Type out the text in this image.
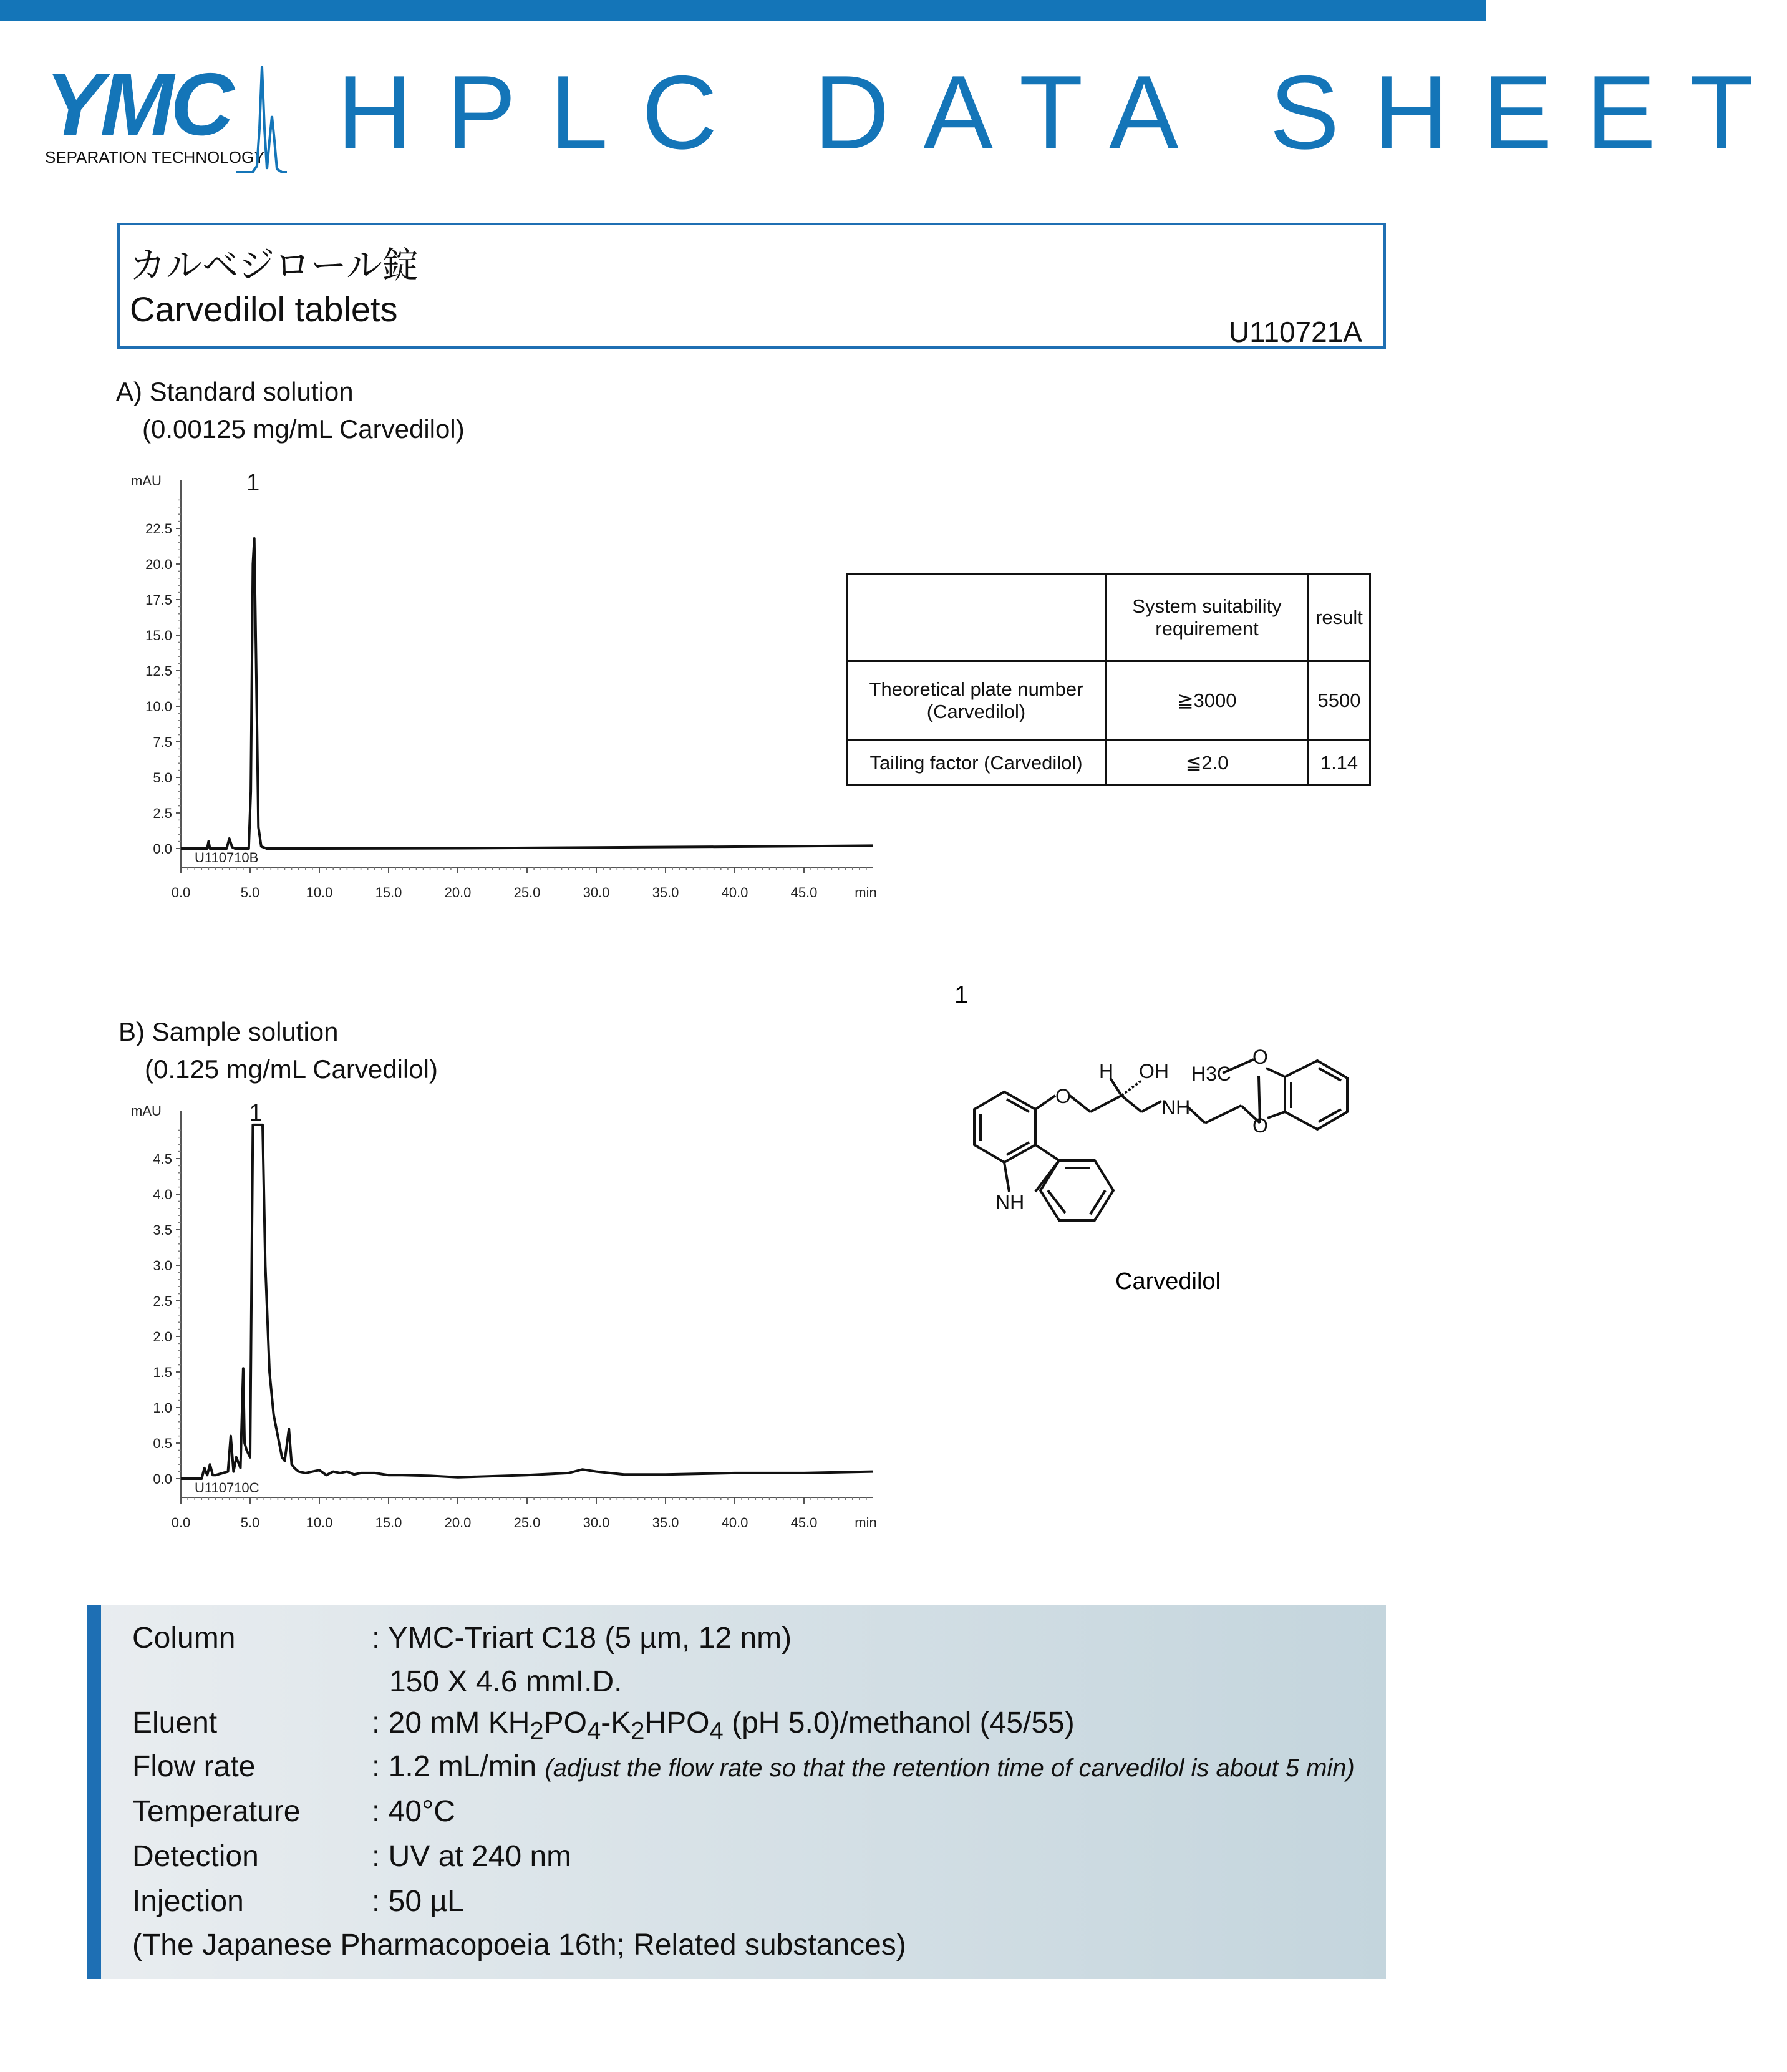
YMC
SEPARATION TECHNOLOGY HPLC DATA SHEET
カルベジロール錠
Carvedilol tablets
U110721A
A) Standard solution
(0.00125 mg/mL Carvedilol)
mAU
0.0
2.5
5.0
7.5
10.0
12.5
15.0
17.5
20.0
22.5
0.0	5.0	10.0	15.0	20.0	25.0	30.0	35.0	40.0	45.0	min
U110710B
1
B) Sample solution
(0.125 mg/mL Carvedilol)
mAU
0.0
0.5
1.0
1.5
2.0
2.5
3.0
3.5
4.0
4.5
0.0	5.0	10.0	15.0	20.0	25.0	30.0	35.0	40.0	45.0	min
U110710C
1
	System suitability requirement	result
Theoretical plate number (Carvedilol)	≧3000	5500
Tailing factor (Carvedilol)	≦2.0	1.14
1
O
H OH
NH
NH
H3C
O
O
Carvedilol
Column	: YMC-Triart C18 (5 µm, 12 nm)
150 X 4.6 mmI.D.
Eluent	: 20 mM $KH_2PO_4-K_2HPO_4$ (pH 5.0)/methanol (45/55)
Flow rate	: 1.2 mL/min (adjust the flow rate so that the retention time of carvedilol is about 5 min)
Temperature : 40°C
Detection	: UV at 240 nm
Injection	: 50 µL
(The Japanese Pharmacopoeia 16th; Related substances)
